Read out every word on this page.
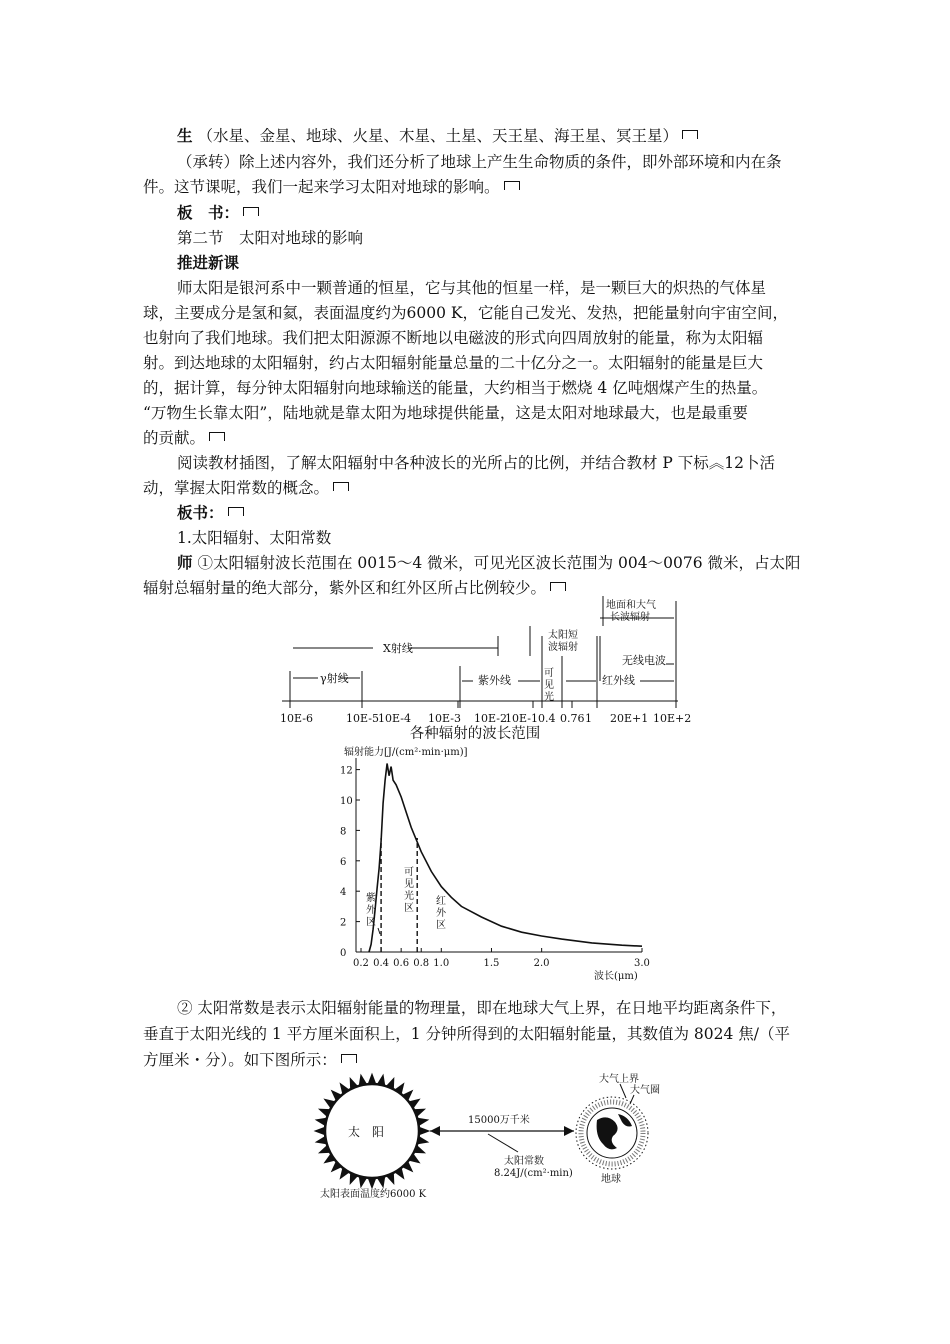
生 （水星、金星、地球、火星、木星、土星、天王星、海王星、冥王星）
（承转）除上述内容外，我们还分析了地球上产生生命物质的条件，即外部环境和内在条
件。这节课呢，我们一起来学习太阳对地球的影响。
板　书：
第二节　太阳对地球的影响
推进新课
师太阳是银河系中一颗普通的恒星，它与其他的恒星一样，是一颗巨大的炽热的气体星
球，主要成分是氢和氦，表面温度约为6000 K，它能自己发光、发热，把能量射向宇宙空间，
也射向了我们地球。我们把太阳源源不断地以电磁波的形式向四周放射的能量，称为太阳辐
射。到达地球的太阳辐射，约占太阳辐射能量总量的二十亿分之一。太阳辐射的能量是巨大
的，据计算，每分钟太阳辐射向地球输送的能量，大约相当于燃烧 4 亿吨烟煤产生的热量。
“万物生长靠太阳”，陆地就是靠太阳为地球提供能量，这是太阳对地球最大，也是最重要
的贡献。
阅读教材插图，了解太阳辐射中各种波长的光所占的比例，并结合教材 P 下标︽12卜活
动，掌握太阳常数的概念。
板书：
1.太阳辐射、太阳常数
师 ①太阳辐射波长范围在 0015～4 微米，可见光区波长范围为 004～0076 微米，占太阳
辐射总辐射量的绝大部分，紫外区和红外区所占比例较少。
X射线
γ射线	紫外线
可
见
光
红外线
无线电波
太阳短
波辐射
地面和大气
长波辐射
10E-6	10E-5 10E-4 10E-3 10E-2
10E-1 0.4 0.76 1 20E+1 10E+2
各种辐射的波长范围
辐射能力[J/(cm²·min·μm)]
波长(μm)
0
2
4
6
8
10
12
0.2 0.4 0.6 0.8 1.0	1.5	2.0	3.0
紫
外
区
可
见
光
区
红
外
区
② 太阳常数是表示太阳辐射能量的物理量，即在地球大气上界，在日地平均距离条件下，
垂直于太阳光线的 1 平方厘米面积上，1 分钟所得到的太阳辐射能量，其数值为 8024 焦/（平
方厘米・分）。如下图所示：
太　阳
太阳表面温度约6000 K
15000万千米
太阳常数
8.24J/(cm²·min)
大气上界
大气圈
地球
